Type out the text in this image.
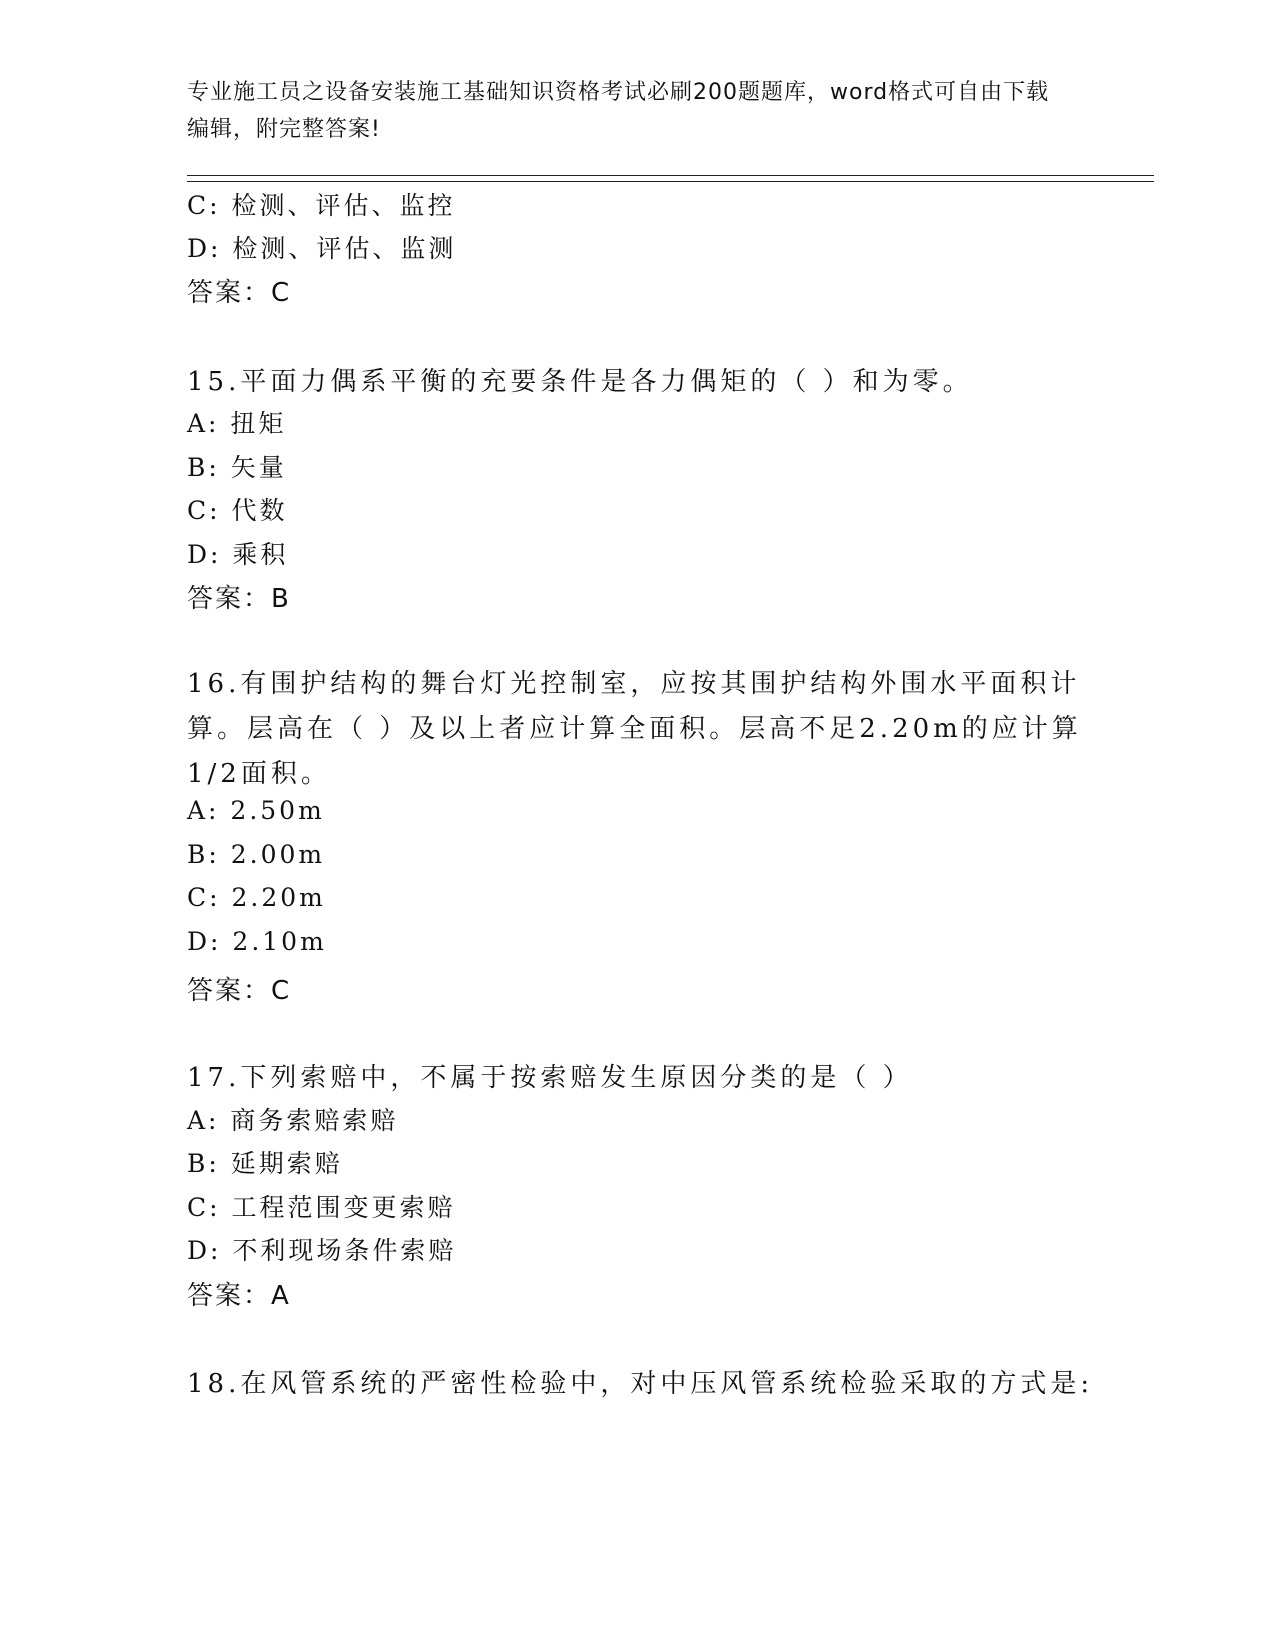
专业施工员之设备安装施工基础知识资格考试必刷200题题库，word格式可自由下载编辑，附完整答案!
C: 检测、评估、监控
D: 检测、评估、监测
答案：C
15.平面力偶系平衡的充要条件是各力偶矩的（ ）和为零。
A: 扭矩
B: 矢量
C: 代数
D: 乘积
答案：B
16.有围护结构的舞台灯光控制室，应按其围护结构外围水平面积计算。层高在（ ）及以上者应计算全面积。层高不足2.20m的应计算1/2面积。
A: 2.50m
B: 2.00m
C: 2.20m
D: 2.10m
答案：C
17.下列索赔中，不属于按索赔发生原因分类的是（ ）
A: 商务索赔索赔
B: 延期索赔
C: 工程范围变更索赔
D: 不利现场条件索赔
答案：A
18.在风管系统的严密性检验中，对中压风管系统检验采取的方式是:
